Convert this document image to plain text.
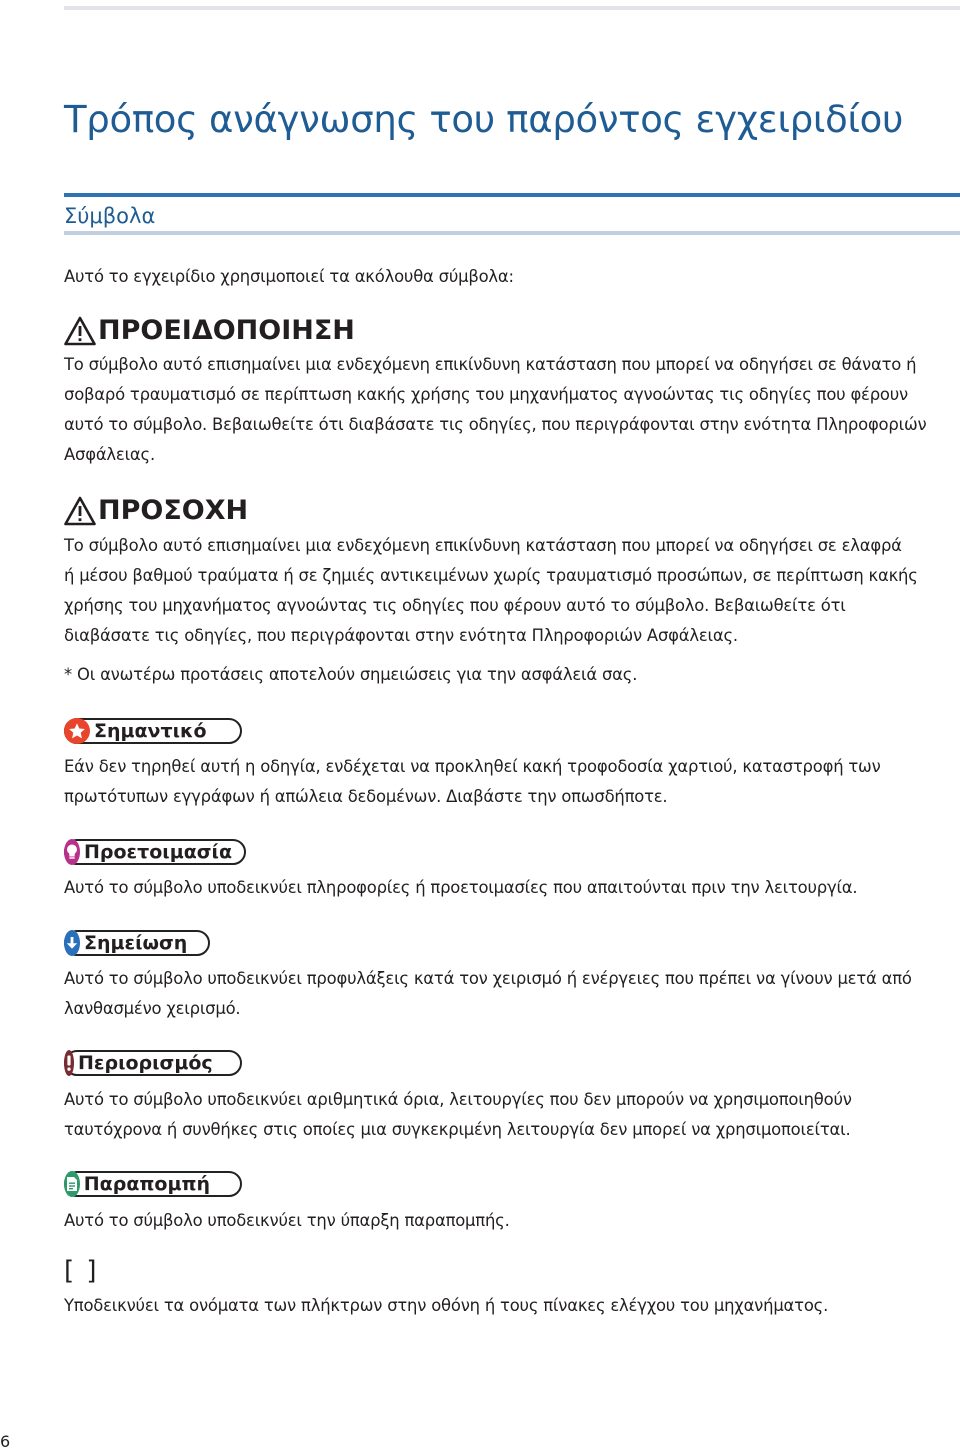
Τρόπος ανάγνωσης του παρόντος εγχειριδίου
Σύμβολα

Αυτό το εγχειρίδιο χρησιμοποιεί τα ακόλουθα σύμβολα:

ΠΡΟΕΙΔΟΠΟΙΗΣΗ

Το σύμβολο αυτό επισημαίνει μια ενδεχόμενη επικίνδυνη κατάσταση που μπορεί να οδηγήσει σε θάνατο ή

σοβαρό τραυματισμό σε περίπτωση κακής χρήσης του μηχανήματος αγνοώντας τις οδηγίες που φέρουν

αυτό το σύμβολο. Βεβαιωθείτε ότι διαβάσατε τις οδηγίες, που περιγράφονται στην ενότητα Πληροφοριών

Ασφάλειας.

ΠΡΟΣΟΧΗ

Το σύμβολο αυτό επισημαίνει μια ενδεχόμενη επικίνδυνη κατάσταση που μπορεί να οδηγήσει σε ελαφρά

ή μέσου βαθμού τραύματα ή σε ζημιές αντικειμένων χωρίς τραυματισμό προσώπων, σε περίπτωση κακής

χρήσης του μηχανήματος αγνοώντας τις οδηγίες που φέρουν αυτό το σύμβολο. Βεβαιωθείτε ότι

διαβάσατε τις οδηγίες, που περιγράφονται στην ενότητα Πληροφοριών Ασφάλειας.

* Οι ανωτέρω προτάσεις αποτελούν σημειώσεις για την ασφάλειά σας.

Σημαντικό

Εάν δεν τηρηθεί αυτή η οδηγία, ενδέχεται να προκληθεί κακή τροφοδοσία χαρτιού, καταστροφή των

πρωτότυπων εγγράφων ή απώλεια δεδομένων. Διαβάστε την οπωσδήποτε.

Προετοιμασία

Αυτό το σύμβολο υποδεικνύει πληροφορίες ή προετοιμασίες που απαιτούνται πριν την λειτουργία.

Σημείωση

Αυτό το σύμβολο υποδεικνύει προφυλάξεις κατά τον χειρισμό ή ενέργειες που πρέπει να γίνουν μετά από

λανθασμένο χειρισμό.

Περιορισμός

Αυτό το σύμβολο υποδεικνύει αριθμητικά όρια, λειτουργίες που δεν μπορούν να χρησιμοποιηθούν

ταυτόχρονα ή συνθήκες στις οποίες μια συγκεκριμένη λειτουργία δεν μπορεί να χρησιμοποιείται.

Παραπομπή

Αυτό το σύμβολο υποδεικνύει την ύπαρξη παραπομπής.

[ ]

Υποδεικνύει τα ονόματα των πλήκτρων στην οθόνη ή τους πίνακες ελέγχου του μηχανήματος.

6
